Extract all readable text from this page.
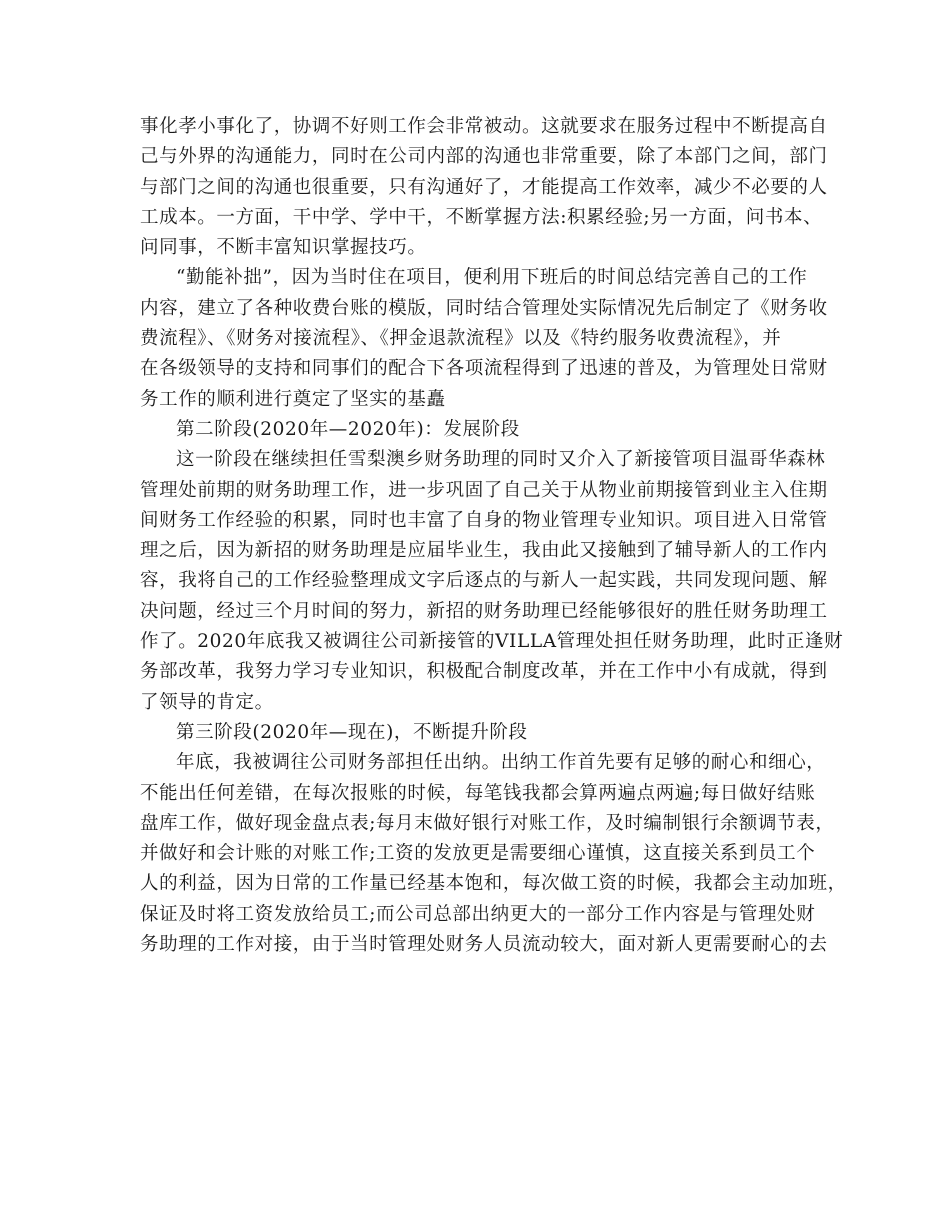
事化孝小事化了，协调不好则工作会非常被动。这就要求在服务过程中不断提高自
己与外界的沟通能力，同时在公司内部的沟通也非常重要，除了本部门之间，部门
与部门之间的沟通也很重要，只有沟通好了，才能提高工作效率，减少不必要的人
工成本。一方面，干中学、学中干，不断掌握方法:积累经验;另一方面，问书本、
问同事，不断丰富知识掌握技巧。
“勤能补拙”，因为当时住在项目，便利用下班后的时间总结完善自己的工作
内容，建立了各种收费台账的模版，同时结合管理处实际情况先后制定了《财务收
费流程》、《财务对接流程》、《押金退款流程》以及《特约服务收费流程》，并
在各级领导的支持和同事们的配合下各项流程得到了迅速的普及，为管理处日常财
务工作的顺利进行奠定了坚实的基矗
第二阶段(2020年—2020年)：发展阶段
这一阶段在继续担任雪梨澳乡财务助理的同时又介入了新接管项目温哥华森林
管理处前期的财务助理工作，进一步巩固了自己关于从物业前期接管到业主入住期
间财务工作经验的积累，同时也丰富了自身的物业管理专业知识。项目进入日常管
理之后，因为新招的财务助理是应届毕业生，我由此又接触到了辅导新人的工作内
容，我将自己的工作经验整理成文字后逐点的与新人一起实践，共同发现问题、解
决问题，经过三个月时间的努力，新招的财务助理已经能够很好的胜任财务助理工
作了。2020年底我又被调往公司新接管的VILLA管理处担任财务助理，此时正逢财
务部改革，我努力学习专业知识，积极配合制度改革，并在工作中小有成就，得到
了领导的肯定。
第三阶段(2020年—现在)，不断提升阶段
年底，我被调往公司财务部担任出纳。出纳工作首先要有足够的耐心和细心，
不能出任何差错，在每次报账的时候，每笔钱我都会算两遍点两遍;每日做好结账
盘库工作，做好现金盘点表;每月末做好银行对账工作，及时编制银行余额调节表，
并做好和会计账的对账工作;工资的发放更是需要细心谨慎，这直接关系到员工个
人的利益，因为日常的工作量已经基本饱和，每次做工资的时候，我都会主动加班，
保证及时将工资发放给员工;而公司总部出纳更大的一部分工作内容是与管理处财
务助理的工作对接，由于当时管理处财务人员流动较大，面对新人更需要耐心的去
